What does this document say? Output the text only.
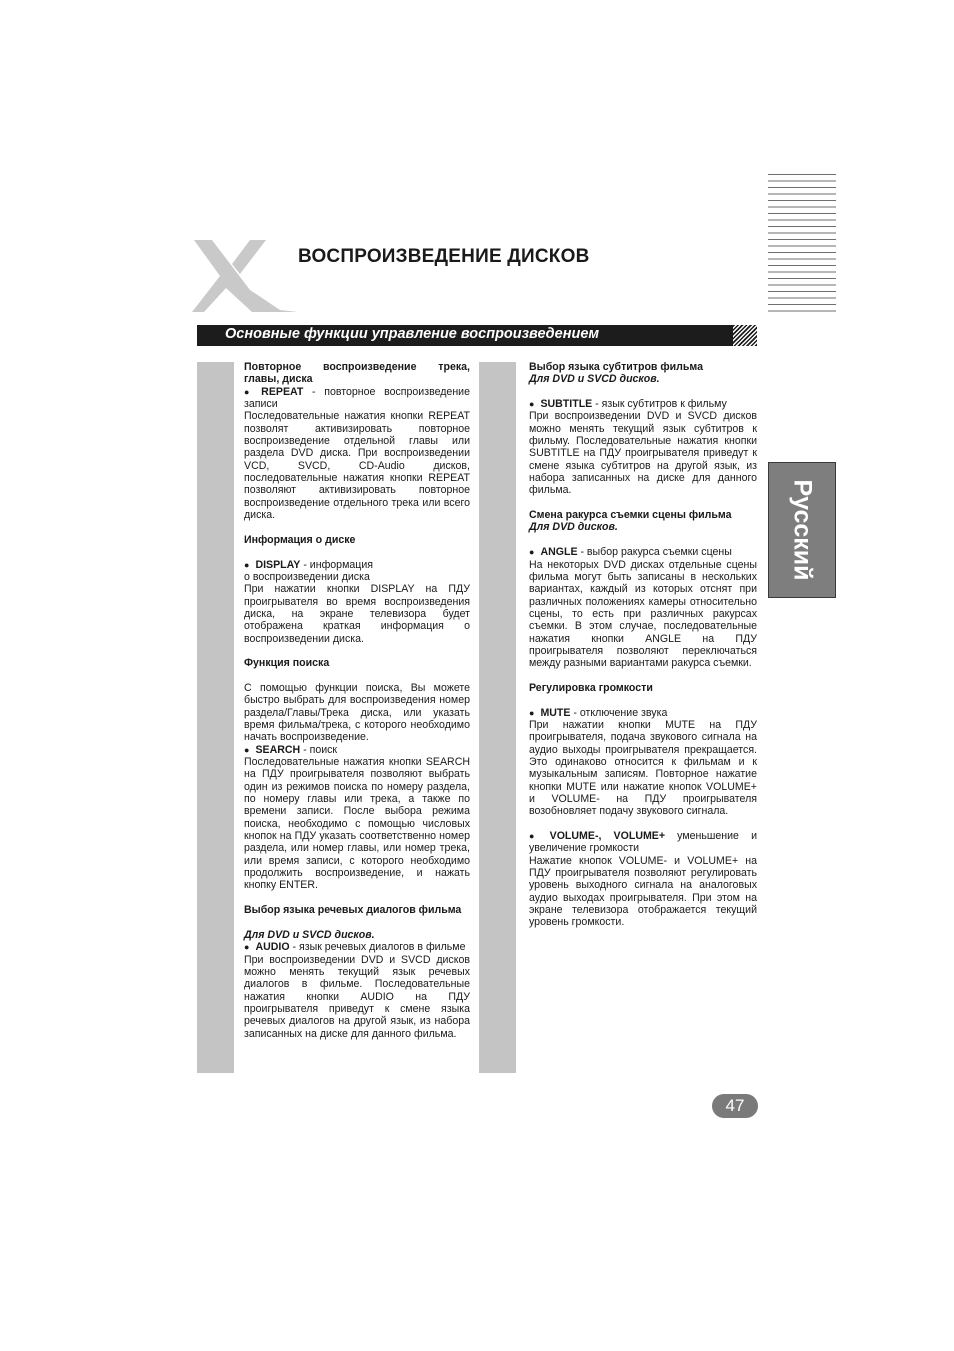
ВОСПРОИЗВЕДЕНИЕ ДИСКОВ
Основные функции управление воспроизведением
Русский

Повторное воспроизведение трека, главы, диска

● REPEAT - повторное воспроизведение записи

Последовательные нажатия кнопки REPEAT позволят активизировать повторное воспроизведение отдельной главы или раздела DVD диска. При воспроизведении VCD, SVCD, CD-Audio дисков, последовательные нажатия кнопки REPEAT позволяют активизировать повторное воспроизведение отдельного трека или всего диска.

Информация о диске

● DISPLAY - информация

о воспроизведении диска

При нажатии кнопки DISPLAY на ПДУ проигрывателя во время воспроизведения диска, на экране телевизора будет отображена краткая информация о воспроизведении диска.

Функция поиска

С помощью функции поиска, Вы можете быстро выбрать для воспроизведения номер раздела/Главы/Трека диска, или указать время фильма/трека, с которого необходимо начать воспроизведение.

● SEARCH - поиск

Последовательные нажатия кнопки SEARCH на ПДУ проигрывателя позволяют выбрать один из режимов поиска по номеру раздела, по номеру главы или трека, а также по времени записи. После выбора режима поиска, необходимо с помощью числовых кнопок на ПДУ указать соответственно номер раздела, или номер главы, или номер трека, или время записи, с которого необходимо продолжить воспроизведение, и нажать кнопку ENTER.

Выбор языка речевых диалогов фильма

Для DVD и SVCD дисков.

● AUDIO - язык речевых диалогов в фильме

При воспроизведении DVD и SVCD дисков можно менять текущий язык речевых диалогов в фильме. Последовательные нажатия кнопки AUDIO на ПДУ проигрывателя приведут к смене языка речевых диалогов на другой язык, из набора записанных на диске для данного фильма.

Выбор языка субтитров фильма

Для DVD и SVCD дисков.

● SUBTITLE - язык субтитров к фильму

При воспроизведении DVD и SVCD дисков можно менять текущий язык субтитров к фильму. Последовательные нажатия кнопки SUBTITLE на ПДУ проигрывателя приведут к смене языка субтитров на другой язык, из набора записанных на диске для данного фильма.

Смена ракурса съемки сцены фильма

Для DVD дисков.

● ANGLE - выбор ракурса съемки сцены

На некоторых DVD дисках отдельные сцены фильма могут быть записаны в нескольких вариантах, каждый из которых отснят при различных положениях камеры относительно сцены, то есть при различных ракурсах съемки. В этом случае, последовательные нажатия кнопки ANGLE на ПДУ проигрывателя позволяют переключаться между разными вариантами ракурса съемки.

Регулировка громкости

● MUTE - отключение звука

При нажатии кнопки MUTE на ПДУ проигрывателя, подача звукового сигнала на аудио выходы проигрывателя прекращается. Это одинаково относится к фильмам и к музыкальным записям. Повторное нажатие кнопки MUTE или нажатие кнопок VOLUME+ и VOLUME- на ПДУ проигрывателя возобновляет подачу звукового сигнала.

● VOLUME-, VOLUME+ уменьшение и увеличение громкости

Нажатие кнопок VOLUME- и VOLUME+ на ПДУ проигрывателя позволяют регулировать уровень выходного сигнала на аналоговых аудио выходах проигрывателя. При этом на экране телевизора отображается текущий уровень громкости.

47
